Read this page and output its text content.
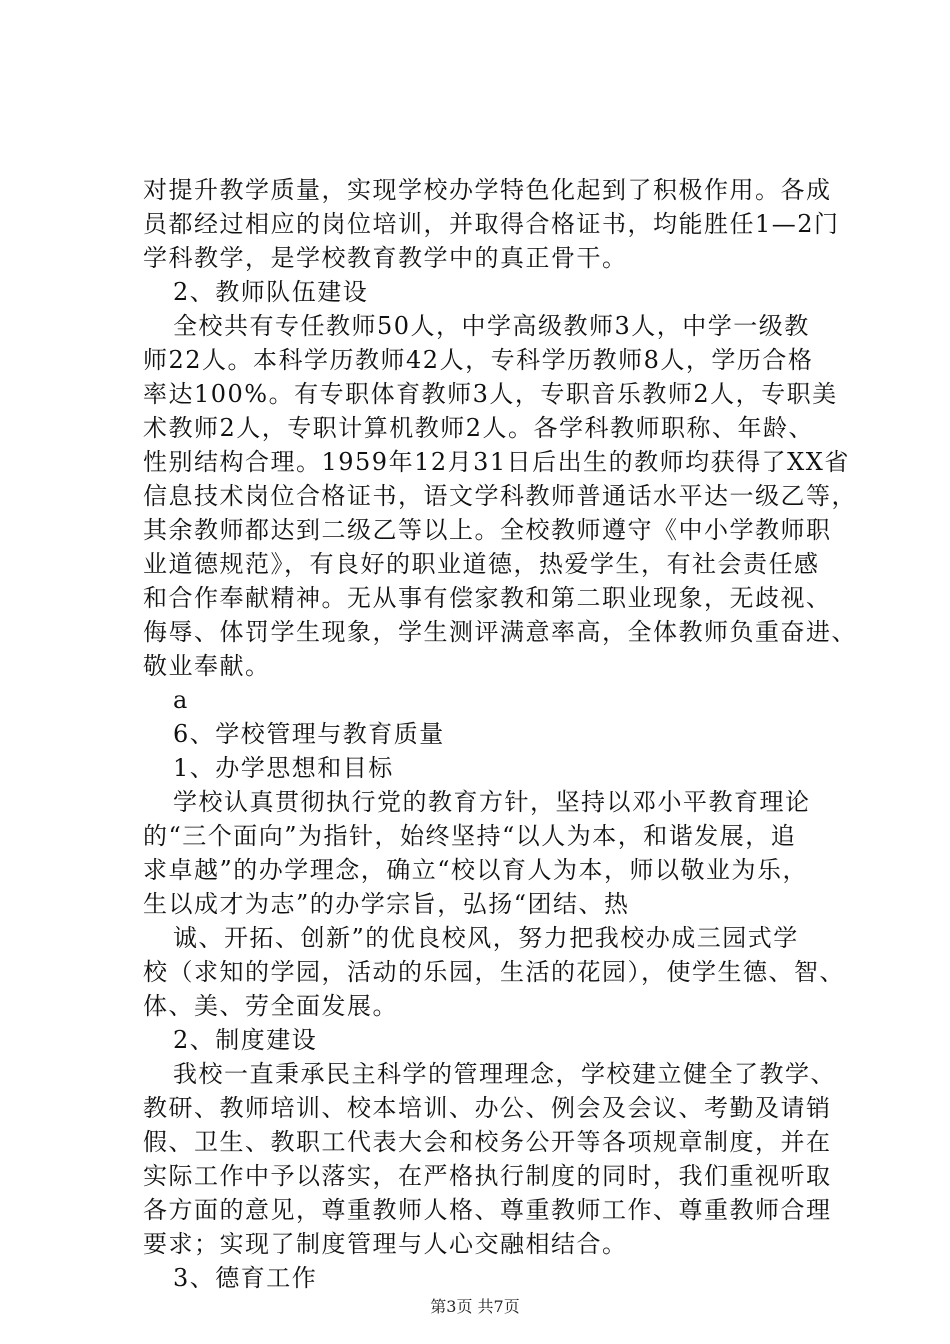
对提升教学质量，实现学校办学特色化起到了积极作用。各成
员都经过相应的岗位培训，并取得合格证书，均能胜任1—2门
学科教学，是学校教育教学中的真正骨干。
2、教师队伍建设
全校共有专任教师50人，中学高级教师3人，中学一级教
师22人。本科学历教师42人，专科学历教师8人，学历合格
率达100%。有专职体育教师3人，专职音乐教师2人，专职美
术教师2人，专职计算机教师2人。各学科教师职称、年龄、
性别结构合理。1959年12月31日后出生的教师均获得了XX省
信息技术岗位合格证书，语文学科教师普通话水平达一级乙等，
其余教师都达到二级乙等以上。全校教师遵守《中小学教师职
业道德规范》，有良好的职业道德，热爱学生，有社会责任感
和合作奉献精神。无从事有偿家教和第二职业现象，无歧视、
侮辱、体罚学生现象，学生测评满意率高，全体教师负重奋进、
敬业奉献。
a
6、学校管理与教育质量
1、办学思想和目标
学校认真贯彻执行党的教育方针，坚持以邓小平教育理论
的“三个面向”为指针，始终坚持“以人为本，和谐发展，追
求卓越”的办学理念，确立“校以育人为本，师以敬业为乐，
生以成才为志”的办学宗旨，弘扬“团结、热
诚、开拓、创新”的优良校风，努力把我校办成三园式学
校（求知的学园，活动的乐园，生活的花园），使学生德、智、
体、美、劳全面发展。
2、制度建设
我校一直秉承民主科学的管理理念，学校建立健全了教学、
教研、教师培训、校本培训、办公、例会及会议、考勤及请销
假、卫生、教职工代表大会和校务公开等各项规章制度，并在
实际工作中予以落实，在严格执行制度的同时，我们重视听取
各方面的意见，尊重教师人格、尊重教师工作、尊重教师合理
要求；实现了制度管理与人心交融相结合。
3、德育工作
第3页 共7页
